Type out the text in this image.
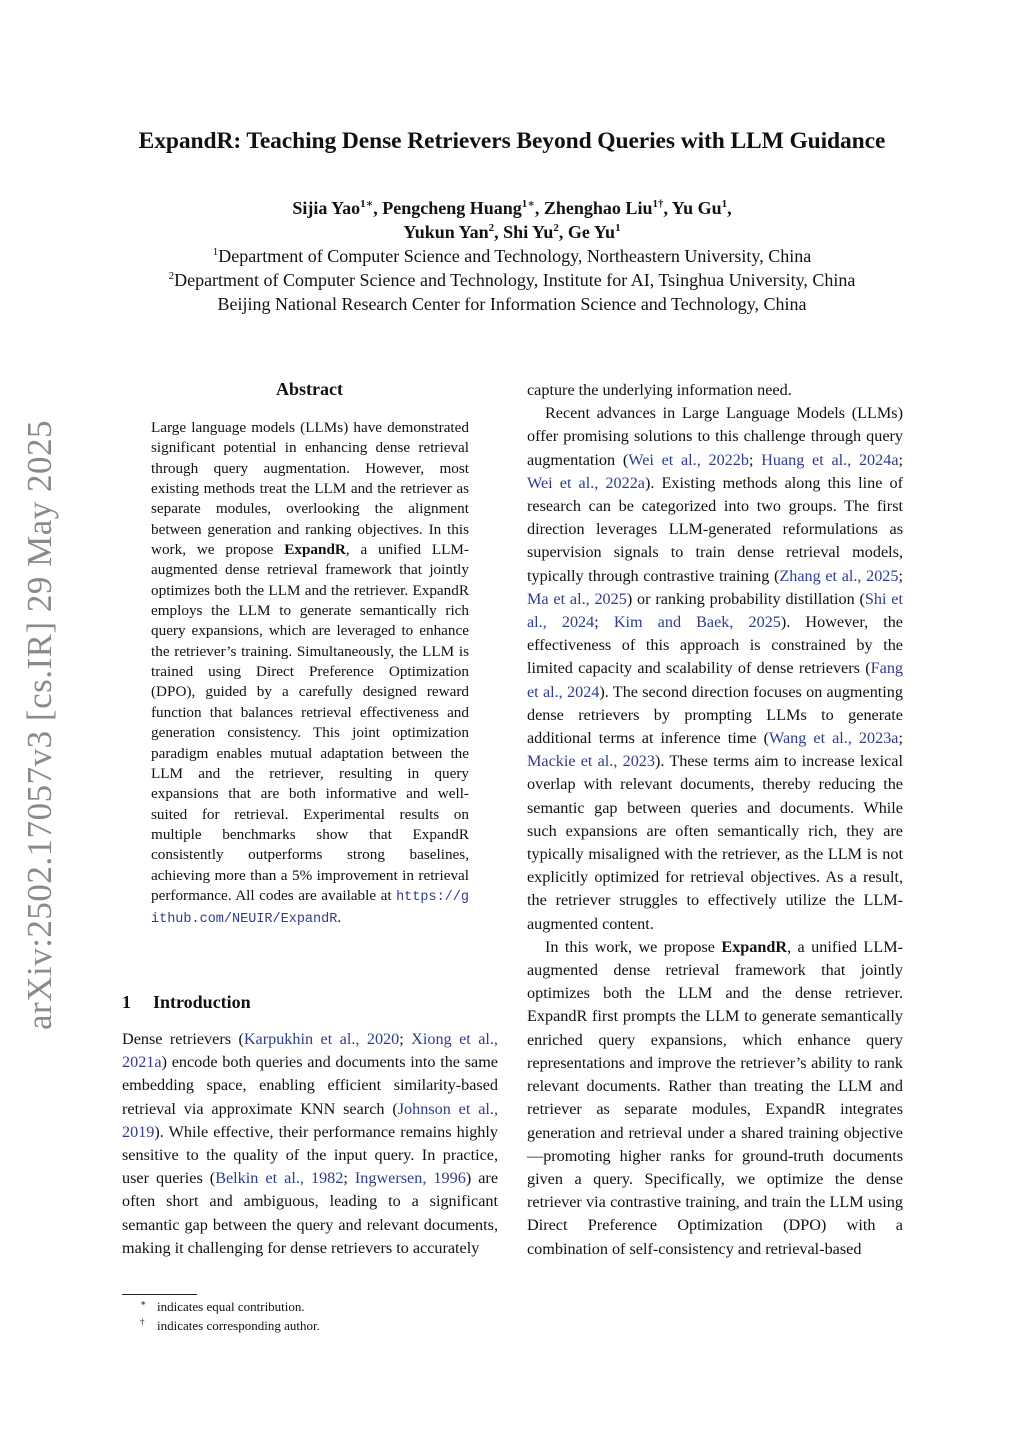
ExpandR: Teaching Dense Retrievers Beyond Queries with LLM Guidance
Sijia Yao$^{1∗}$, Pengcheng Huang$^{1∗}$, Zhenghao Liu$^{1\dagger}$, Yu Gu$^1$,
Yukun Yan$^2$, Shi Yu$^2$, Ge Yu$^1$
$^1$Department of Computer Science and Technology, Northeastern University, China
$^2$Department of Computer Science and Technology, Institute for AI, Tsinghua University, China
Beijing National Research Center for Information Science and Technology, China
arXiv:2502.17057v3 [cs.IR] 29 May 2025
Abstract
Large language models (LLMs) have demonstrated significant potential in enhancing dense retrieval through query augmentation. However, most existing methods treat the LLM and the retriever as separate modules, overlooking the alignment between generation and ranking objectives. In this work, we propose ExpandR, a unified LLM-augmented dense retrieval framework that jointly optimizes both the LLM and the retriever. ExpandR employs the LLM to generate semantically rich query expansions, which are leveraged to enhance the retriever’s training. Simultaneously, the LLM is trained using Direct Preference Optimization (DPO), guided by a carefully designed reward function that balances retrieval effectiveness and generation consistency. This joint optimization paradigm enables mutual adaptation between the LLM and the retriever, resulting in query expansions that are both informative and well-suited for retrieval. Experimental results on multiple benchmarks show that ExpandR consistently outperforms strong baselines, achieving more than a 5% improvement in retrieval performance. All codes are available at https://github.com/NEUIR/ExpandR.
1 Introduction

Dense retrievers (Karpukhin et al., 2020; Xiong et al., 2021a) encode both queries and documents into the same embedding space, enabling efficient similarity-based retrieval via approximate KNN search (Johnson et al., 2019). While effective, their performance remains highly sensitive to the quality of the input query. In practice, user queries (Belkin et al., 1982; Ingwersen, 1996) are often short and ambiguous, leading to a significant semantic gap between the query and relevant documents, making it challenging for dense retrievers to accurately

capture the underlying information need.

Recent advances in Large Language Models (LLMs) offer promising solutions to this challenge through query augmentation (Wei et al., 2022b; Huang et al., 2024a; Wei et al., 2022a). Existing methods along this line of research can be categorized into two groups. The first direction leverages LLM-generated reformulations as supervision signals to train dense retrieval models, typically through contrastive training (Zhang et al., 2025; Ma et al., 2025) or ranking probability distillation (Shi et al., 2024; Kim and Baek, 2025). However, the effectiveness of this approach is constrained by the limited capacity and scalability of dense retrievers (Fang et al., 2024). The second direction focuses on augmenting dense retrievers by prompting LLMs to generate additional terms at inference time (Wang et al., 2023a; Mackie et al., 2023). These terms aim to increase lexical overlap with relevant documents, thereby reducing the semantic gap between queries and documents. While such expansions are often semantically rich, they are typically misaligned with the retriever, as the LLM is not explicitly optimized for retrieval objectives. As a result, the retriever struggles to effectively utilize the LLM-augmented content.

In this work, we propose ExpandR, a unified LLM-augmented dense retrieval framework that jointly optimizes both the LLM and the dense retriever. ExpandR first prompts the LLM to generate semantically enriched query expansions, which enhance query representations and improve the retriever’s ability to rank relevant documents. Rather than treating the LLM and retriever as separate modules, ExpandR integrates generation and retrieval under a shared training objective—promoting higher ranks for ground-truth documents given a query. Specifically, we optimize the dense retriever via contrastive training, and train the LLM using Direct Preference Optimization (DPO) with a combination of self-consistency and retrieval-based

∗ indicates equal contribution.
† indicates corresponding author.
